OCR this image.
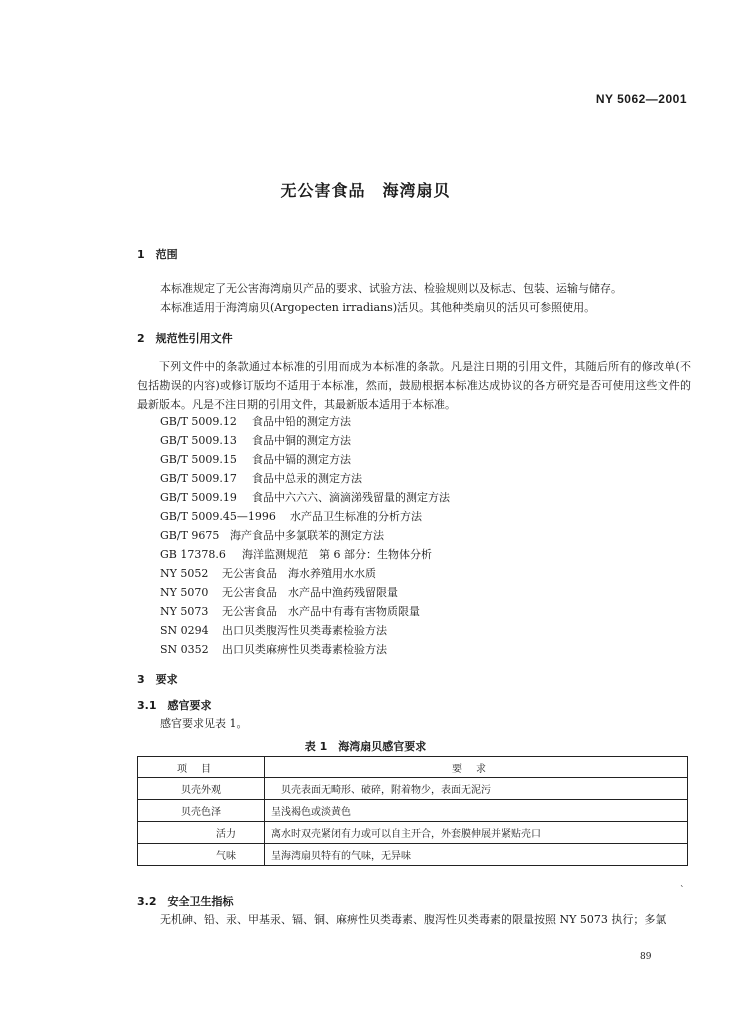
NY 5062—2001
无公害食品　海湾扇贝
1　范围
本标准规定了无公害海湾扇贝产品的要求、试验方法、检验规则以及标志、包装、运输与储存。
本标准适用于海湾扇贝(Argopecten irradians)活贝。其他种类扇贝的活贝可参照使用。
2　规范性引用文件
下列文件中的条款通过本标准的引用而成为本标准的条款。凡是注日期的引用文件，其随后所有的修改单(不包括勘误的内容)或修订版均不适用于本标准，然而，鼓励根据本标准达成协议的各方研究是否可使用这些文件的最新版本。凡是不注日期的引用文件，其最新版本适用于本标准。
GB/T 5009.12 食品中铅的测定方法
GB/T 5009.13 食品中铜的测定方法
GB/T 5009.15 食品中镉的测定方法
GB/T 5009.17 食品中总汞的测定方法
GB/T 5009.19 食品中六六六、滴滴涕残留量的测定方法
GB/T 5009.45—1996 水产品卫生标准的分析方法
GB/T 9675 海产食品中多氯联苯的测定方法
GB 17378.6 海洋监测规范　第 6 部分：生物体分析
NY 5052 无公害食品　海水养殖用水水质
NY 5070 无公害食品　水产品中渔药残留限量
NY 5073 无公害食品　水产品中有毒有害物质限量
SN 0294 出口贝类腹泻性贝类毒素检验方法
SN 0352 出口贝类麻痹性贝类毒素检验方法
3　要求
3.1　感官要求
感官要求见表 1。
表 1　海湾扇贝感官要求
项目	要求
贝壳外观	贝壳表面无畸形、破碎，附着物少，表面无泥污
贝壳色泽	呈浅褐色或淡黄色
活力	离水时双壳紧闭有力或可以自主开合，外套膜伸展并紧贴壳口
气味	呈海湾扇贝特有的气味，无异味
ˋ
3.2　安全卫生指标
无机砷、铅、汞、甲基汞、镉、铜、麻痹性贝类毒素、腹泻性贝类毒素的限量按照 NY 5073 执行；多氯
89
